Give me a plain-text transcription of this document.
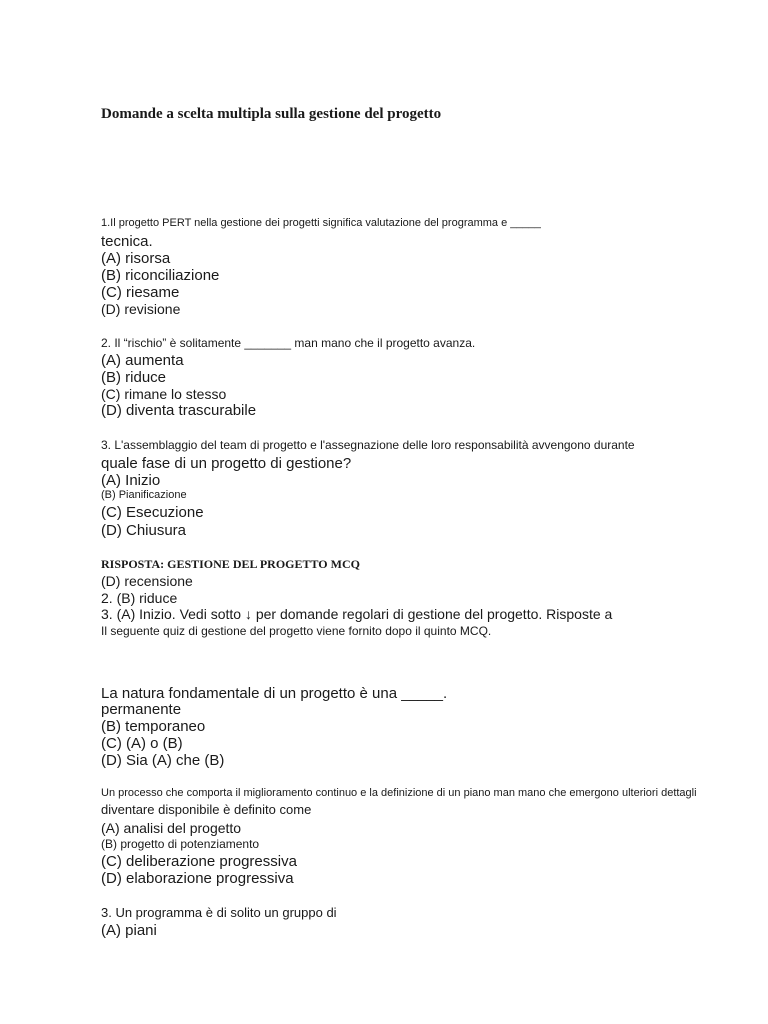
Domande a scelta multipla sulla gestione del progetto
1.Il progetto PERT nella gestione dei progetti significa valutazione del programma e _____
tecnica.
(A) risorsa
(B) riconciliazione
(C) riesame
(D) revisione
2. Il “rischio” è solitamente _______ man mano che il progetto avanza.
(A) aumenta
(B) riduce
(C) rimane lo stesso
(D) diventa trascurabile
3. L'assemblaggio del team di progetto e l'assegnazione delle loro responsabilità avvengono durante
quale fase di un progetto di gestione?
(A) Inizio
(B) Pianificazione
(C) Esecuzione
(D) Chiusura
RISPOSTA: GESTIONE DEL PROGETTO MCQ
(D) recensione
2. (B) riduce
3. (A) Inizio. Vedi sotto ↓ per domande regolari di gestione del progetto. Risposte a
Il seguente quiz di gestione del progetto viene fornito dopo il quinto MCQ.
La natura fondamentale di un progetto è una _____.
permanente
(B) temporaneo
(C) (A) o (B)
(D) Sia (A) che (B)
Un processo che comporta il miglioramento continuo e la definizione di un piano man mano che emergono ulteriori dettagli
diventare disponibile è definito come
(A) analisi del progetto
(B) progetto di potenziamento
(C) deliberazione progressiva
(D) elaborazione progressiva
3. Un programma è di solito un gruppo di
(A) piani
